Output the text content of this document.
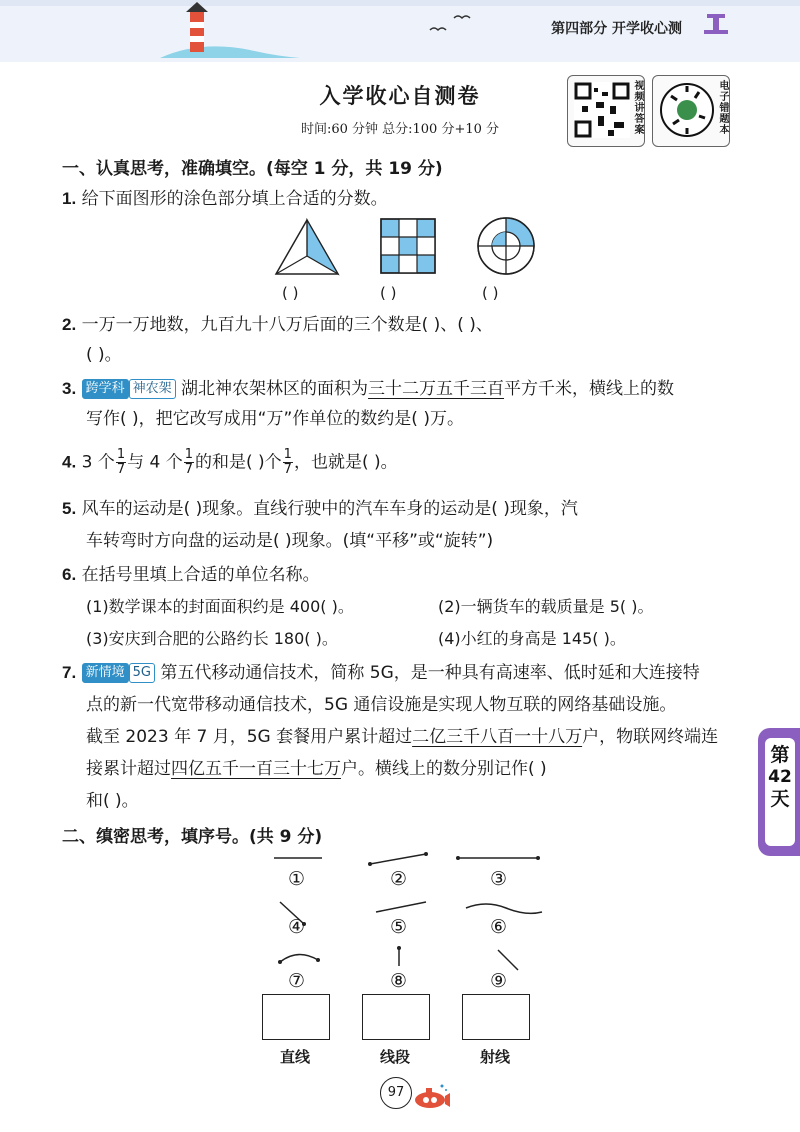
第四部分 开学收心测
入学收心自测卷
时间:60 分钟 总分:100 分+10 分	视频讲答案	电子错题本
一、认真思考，准确填空。(每空 1 分，共 19 分)
1. 给下面图形的涂色部分填上合适的分数。
( )	( )	( )
2. 一万一万地数，九百九十八万后面的三个数是( )、( )、
( )。
3. 跨学科 神农架 湖北神农架林区的面积为三十二万五千三百平方千米，横线上的数
写作( )，把它改写成用“万”作单位的数约是( )万。
4. 3 个 $\frac{1}{7}$ 与 4 个 $\frac{1}{7}$ 的和是( )个 $\frac{1}{7}$ ，也就是( )。
5. 风车的运动是( )现象。直线行驶中的汽车车身的运动是( )现象，汽
车转弯时方向盘的运动是( )现象。(填“平移”或“旋转”)
6. 在括号里填上合适的单位名称。
(1)数学课本的封面面积约是 400( )。	(2)一辆货车的载质量是 5( )。
(3)安庆到合肥的公路约长 180( )。	(4)小红的身高是 145( )。
7. 新情境 5G 第五代移动通信技术，简称 5G，是一种具有高速率、低时延和大连接特
点的新一代宽带移动通信技术，5G 通信设施是实现人物互联的网络基础设施。
截至 2023 年 7 月，5G 套餐用户累计超过二亿三千八百一十八万户，物联网终端连
接累计超过四亿五千一百三十七万户。横线上的数分别记作( )
和( )。
第
42
天
二、缜密思考，填序号。(共 9 分)
①	②	③
④	⑤	⑥
⑦	⑧	⑨
直线	线段	射线
97
